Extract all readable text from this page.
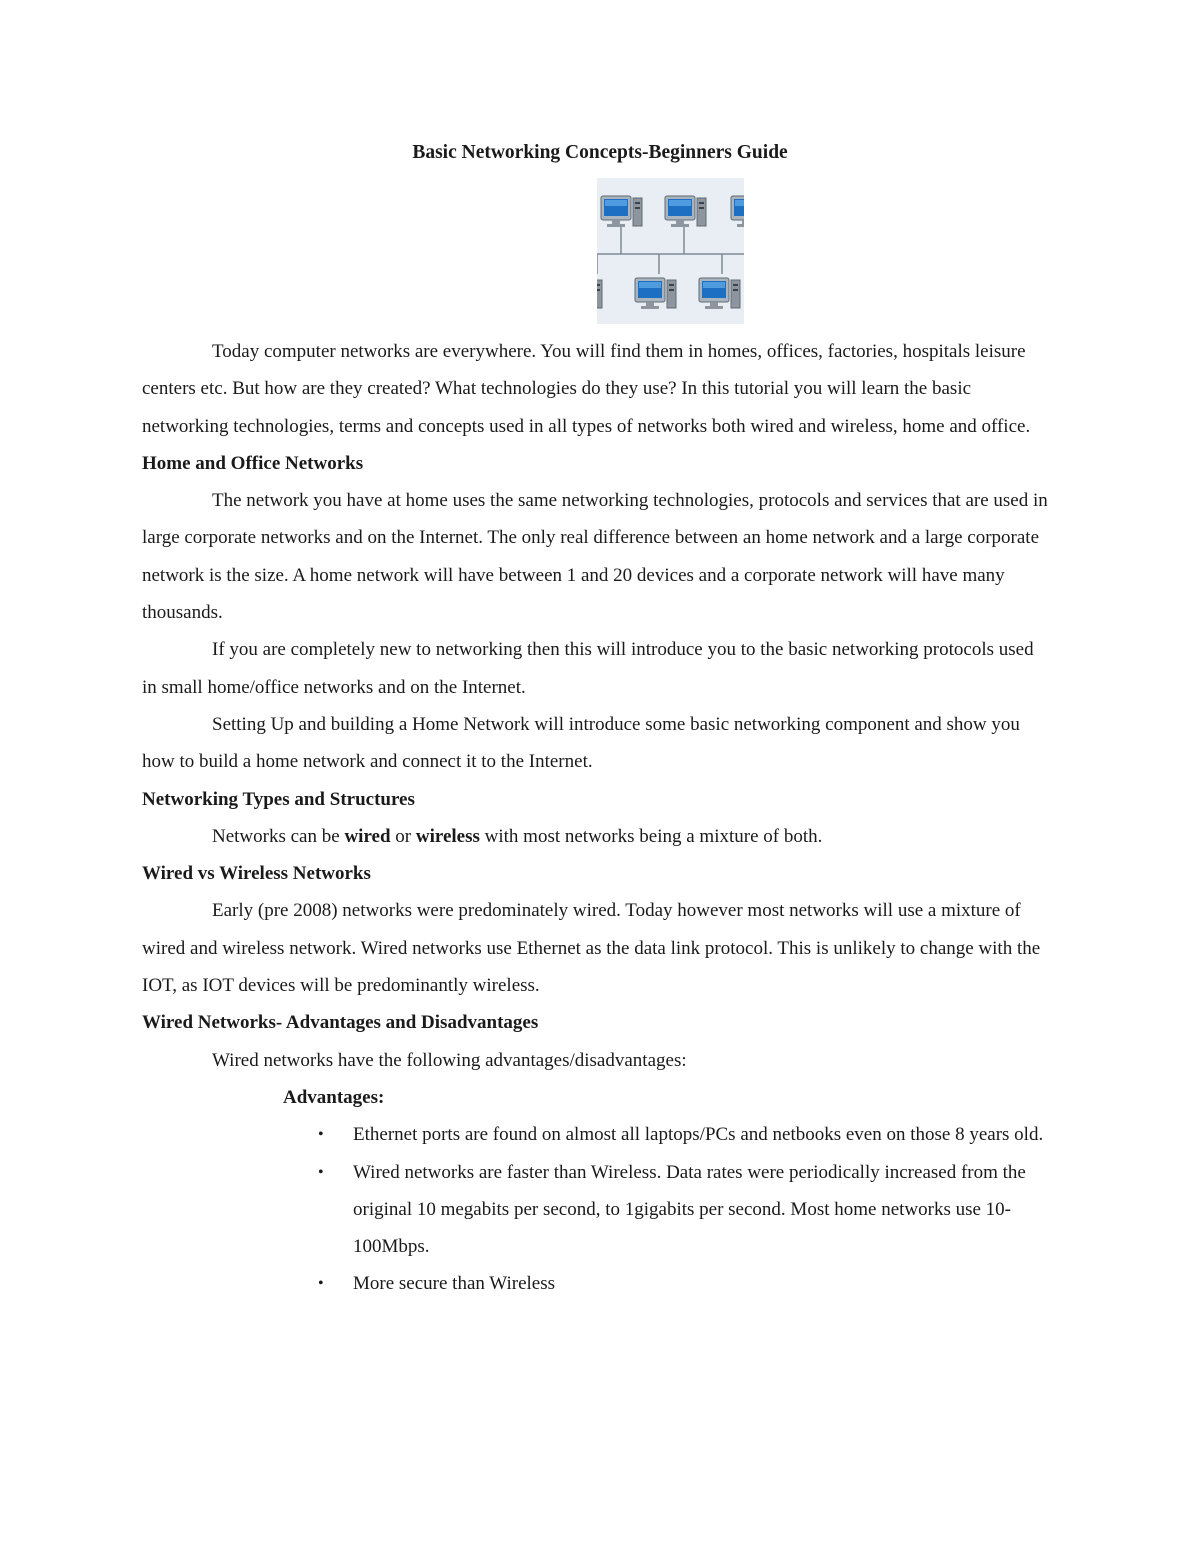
Basic Networking Concepts-Beginners Guide

Today computer networks are everywhere. You will find them in homes, offices, factories, hospitals leisure centers etc. But how are they created? What technologies do they use? In this tutorial you will learn the basic networking technologies, terms and concepts used in all types of networks both wired and wireless, home and office.

Home and Office Networks

The network you have at home uses the same networking technologies, protocols and services that are used in large corporate networks and on the Internet. The only real difference between an home network and a large corporate network is the size. A home network will have between 1 and 20 devices and a corporate network will have many thousands.

If you are completely new to networking then this will introduce you to the basic networking protocols used in small home/office networks and on the Internet.

Setting Up and building a Home Network will introduce some basic networking component and show you how to build a home network and connect it to the Internet.

Networking Types and Structures

Networks can be wired or wireless with most networks being a mixture of both.

Wired vs Wireless Networks

Early (pre 2008) networks were predominately wired. Today however most networks will use a mixture of wired and wireless network. Wired networks use Ethernet as the data link protocol. This is unlikely to change with the IOT, as IOT devices will be predominantly wireless.

Wired Networks- Advantages and Disadvantages

Wired networks have the following advantages/disadvantages:

Advantages:

• Ethernet ports are found on almost all laptops/PCs and netbooks even on those 8 years old.
• Wired networks are faster than Wireless. Data rates were periodically increased from the original 10 megabits per second, to 1gigabits per second. Most home networks use 10-100Mbps.
• More secure than Wireless
